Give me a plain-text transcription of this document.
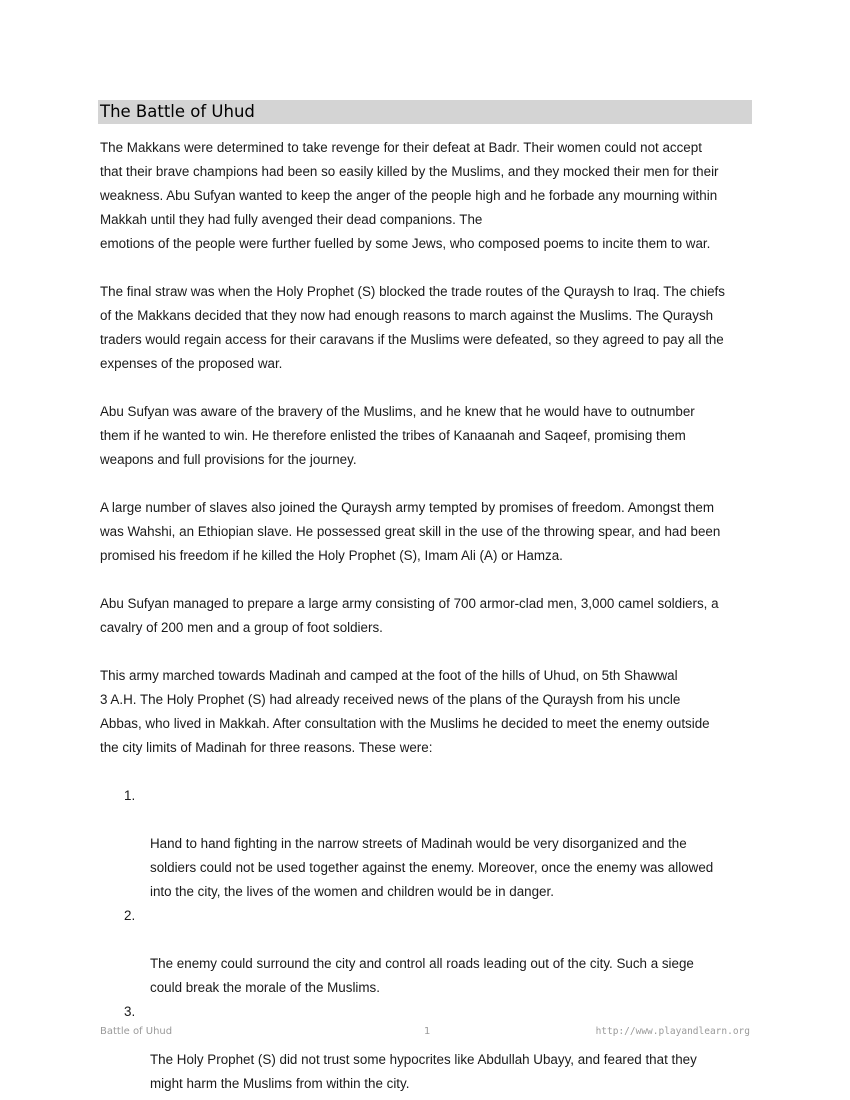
The Battle of Uhud

The Makkans were determined to take revenge for their defeat at Badr. Their women could not accept
that their brave champions had been so easily killed by the Muslims, and they mocked their men for their
weakness. Abu Sufyan wanted to keep the anger of the people high and he forbade any mourning within
Makkah until they had fully avenged their dead companions. The
emotions of the people were further fuelled by some Jews, who composed poems to incite them to war.

The final straw was when the Holy Prophet (S) blocked the trade routes of the Quraysh to Iraq. The chiefs
of the Makkans decided that they now had enough reasons to march against the Muslims. The Quraysh
traders would regain access for their caravans if the Muslims were defeated, so they agreed to pay all the
expenses of the proposed war.

Abu Sufyan was aware of the bravery of the Muslims, and he knew that he would have to outnumber
them if he wanted to win. He therefore enlisted the tribes of Kanaanah and Saqeef, promising them
weapons and full provisions for the journey.

A large number of slaves also joined the Quraysh army tempted by promises of freedom. Amongst them
was Wahshi, an Ethiopian slave. He possessed great skill in the use of the throwing spear, and had been
promised his freedom if he killed the Holy Prophet (S), Imam Ali (A) or Hamza.

Abu Sufyan managed to prepare a large army consisting of 700 armor-clad men, 3,000 camel soldiers, a
cavalry of 200 men and a group of foot soldiers.

This army marched towards Madinah and camped at the foot of the hills of Uhud, on 5th Shawwal
3 A.H. The Holy Prophet (S) had already received news of the plans of the Quraysh from his uncle
Abbas, who lived in Makkah. After consultation with the Muslims he decided to meet the enemy outside
the city limits of Madinah for three reasons. These were:

1.

Hand to hand fighting in the narrow streets of Madinah would be very disorganized and the
soldiers could not be used together against the enemy. Moreover, once the enemy was allowed
into the city, the lives of the women and children would be in danger.

2.

The enemy could surround the city and control all roads leading out of the city. Such a siege
could break the morale of the Muslims.

3.

The Holy Prophet (S) did not trust some hypocrites like Abdullah Ubayy, and feared that they
might harm the Muslims from within the city.

Battle of Uhud	1	http://www.playandlearn.org
